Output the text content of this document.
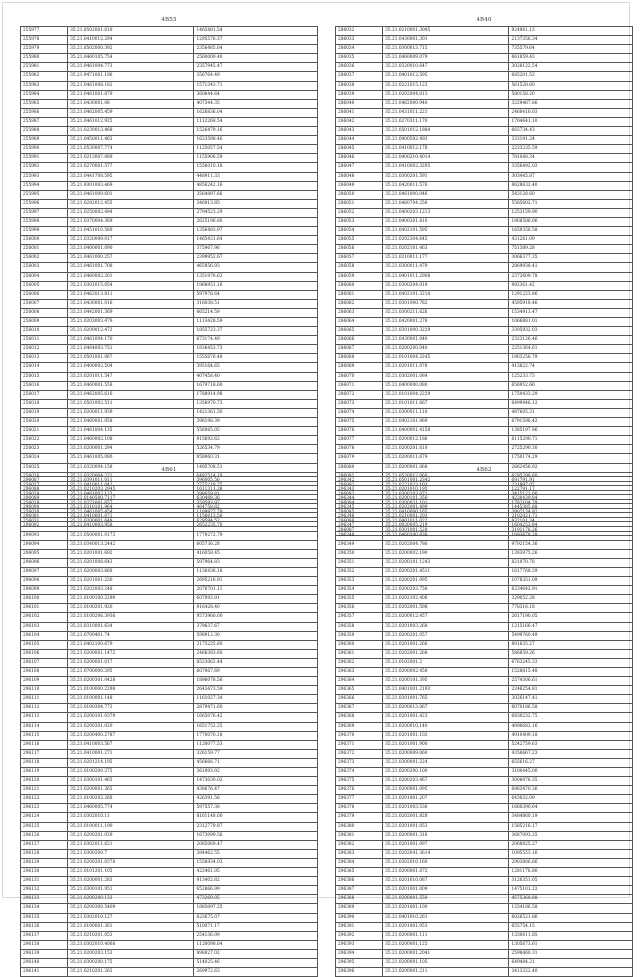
4B55
255977	35.21.8502001.619	1465481.54
255978	35.21.0410012.294	1295576.37
255979	35.21.8502000.392	2356485.64
255980	35.21.0460105.754	2560009.40
255981	35.21.9461004.773	2357945.47
255982	35.21.9471001.196	356764.49
255983	35.21.0461008.182	1571343.71
255984	35.21.0461001.879	360644.64
255985	35.21.0430001.08	407344.35
255986	35.21.0462005.459	1626836.04
255987	35.21.0461012.925	1112268.54
255988	35.21.0230013.468	1526479.16
255989	35.21.0450011.463	1623598.46
255990	35.21.0530007.774	1125057.54
255991	35.21.0213007.089	1155906.59
255992	35.21.0270001.577	1556010.18
255993	35.21.0441708.595	448911.33
255994	35.21.9301003.469	4856242.16
255995	35.21.0461009.601	3564897.66
255996	35.21.0292012.455	346913.85
255997	35.21.0250002.494	2794523.29
255998	35.21.0370004.369	2625196.80
255999	35.21.0451010.569	1356483.97
256000	35.21.0320009.017	1465431.64
256001	35.21.0400001.090	375967.96
256002	35.21.0461000.257	2399952.67
256003	35.21.0461001.708	465956.93
256004	35.21.0460002.201	1351978.63
256005	35.21.0301015.054	1966951.16
256006	35.21.0462013.811	597978.64
256007	35.21.0430001.016	316038.51
256008	35.21.0442001.369	865214.59
256009	35.21.0203003.479	1113428.59
256010	35.21.0209012.472	1855723.37
256011	35.21.0461004.170	673174.49
256012	35.21.0464003.751	1836453.73
256013	35.21.0501001.067	1555676.48
256014	35.21.0400002.504	395164.65
256015	35.21.0201011.547	407458.40
256016	35.21.0460001.558	1679718.60
256017	35.21.0462005.616	1788914.98
256018	35.21.0501002.511	1356970.73
256019	35.21.0200011.939	1421361.50
256020	35.21.0460001.058	396198.39
256021	35.21.0461004.135	556065.05
256022	35.21.0460002.108	915692.62
256023	35.21.0200001.294	526534.79
256024	35.21.0461005.080	858060.31
256025	35.21.0320004.158	1495708.51
256026	35.21.0320004.221	6492514.18
256027	35.21.0410011.042	2775218.75
256028	35.21.0461002.123	398659.81
256029	35.21.0271001.657	359593.97
256030	35.21.0461005.454	1189877.79
256031	35.21.0200001.649	629594.52
4B40
286032	35.21.0210001.3095	924961.13
286033	35.21.0430001.301	2137356.34
286034	35.21.0300013.715	735579.64
286035	35.21.0460009.079	661859.43
286036	35.21.0320010.647	3028122.54
286037	35.21.0401012.595	685201.53
286038	35.21.0221015.123	561528.60
286039	35.21.0202004.013	580158.20
286040	35.21.0462000.940	3229467.86
286041	35.21.0431011.221	2468416.03
286042	35.21.0270311.170	1704641.10
286043	35.21.0501012.1884	665734.43
286044	35.21.0400502.493	333191.24
286045	35.21.0410012.178	2233235.59
286046	35.21.0400210.4014	781048.34
286047	35.21.0410002.3295	3356492.03
286048	35.21.0300201.591	303445.87
286049	35.21.0420011.576	8628632.40
286050	35.21.0461000.046	543128.60
286051	35.21.0460704.258	5585602.71
286052	35.21.0400203.1213	1253159.90
286053	35.21.0400201.810	1968586.06
286054	35.21.0402101.595	1659358.58
286055	35.21.0202304.645	431261.09
286056	35.21.0202101.463	751389.28
286057	35.21.0210011.177	3066377.35
286058	35.21.0300011.479	2869938.41
286059	35.21.0401011.2908	2372609.78
286060	35.21.0300204.019	992361.42
286061	35.21.0402101.3218	1291223.86
286062	35.21.0301000.782	4595918.46
286063	35.21.0300211.626	1534913.47
286064	35.21.0420001.278	1066881.01
286065	35.21.0301000.3229	3395932.03
286066	35.21.0430001.040	2323126.46
286067	35.21.0200200.040	2251364.61
286068	35.21.0101004.3245	1963256.79
286069	35.21.0201011.078	413822.74
286070	35.21.0302001.084	125233.73
286071	35.21.0400000.080	656952.66
286072	35.21.0101004.2229	1750433.29
286073	35.21.0101011.667	6499446.12
286074	35.21.0300011.110	487605.31
286075	35.21.0402101.969	6791596.42
286076	35.21.0400001.4158	1385197.96
286077	35.21.0200012.186	6115290.71
286078	35.21.0200201.610	2725290.30
286079	35.21.0200011.679	1750174.29
286080	35.21.0200001.068	2662456.92
286081	35.21.0520012.060	6295298.60
286082	35.21.0221023.103	231997.07
286083	35.21.0300203.071	3415122.60
286084	35.21.0300021.101	1782104.79
286085	35.21.0410000.165	3907134.92
286086	35.21.0401011.022	832101.34
286087	35.21.0301001.529	3191176.26
4B61
296087	35.21.0391011.011	396005.56
296088	35.21.0210203.2945	1611311.38
296089	35.21.0140500.7117	630488.36
296090	35.21.0310101.964	464758.82
296091	35.21.0410001.071	1156613.56
296092	35.21.0410003.958	2652235.70
296093	35.21.0500001.0173	1779272.79
296094	35.21.0340013.2442	605736.28
296095	35.21.0201001.692	416058.45
296096	35.21.0201008.643	597964.83
296097	35.21.0200003.668	1136436.18
296098	35.21.0201001.230	2695216.91
296099	35.21.0202003.248	2076701.11
296100	35.21.0100100.2299	607093.91
296101	35.21.0100201.920	916428.40
296102	35.21.0100206.3936	9573960.00
296103	35.21.0310001.634	379637.67
296104	35.21.0700401.74	598912.30
296105	35.21.0402100.679	2175225.60
296106	35.21.0200001.1472	2466383.60
296107	35.21.0200001.017	8523062.44
296108	35.21.0700000.295	607067.69
296109	35.21.0200301.0428	1896078.56
296110	35.21.0100000.2298	2643473.59
296111	35.21.0100001.148	1161027.34
296112	35.21.0100304.773	2879471.60
296113	35.21.0200101.0379	1665076.42
296114	35.21.0200301.020	1651752.25
296115	35.21.0200400.2787	1770070.18
296116	35.21.0410003.567	1120077.53
296117	35.21.0410001.271	326159.77
296118	35.21.0201214.195	456666.71
296119	35.21.0100200.275	361093.92
296120	35.21.0300101.465	1473030.02
296121	35.21.0200001.365	438676.47
296122	35.21.0100202.268	426391.56
296123	35.21.0460005.774	597557.38
296124	35.21.0302010.11	8161148.00
296125	35.21.0100011.190	2312779.87
296126	35.21.0200201.039	1673099.56
296127	35.21.0302011.621	2085069.47
296128	35.21.0300200.7	384462.55
296129	35.21.0200201.0378	1556934.03
296130	35.21.0101201.105	422461.05
296131	35.21.0200001.283	913402.82
296132	35.21.0300101.951	652866.99
296133	35.21.0200200.133	473269.05
296134	35.21.0200300.5409	1885097.25
296135	35.21.0302010.127	623675.07
296136	35.21.0100001.361	510071.17
296137	35.21.0210201.053	254136.99
296138	35.21.0302010.4068	1120098.64
296139	35.21.0200203.153	898827.02
296140	35.21.0300200.175	514025.46
296141	35.21.0210201.263	269972.63
4B62
296342	35.21.0501001.2342	691791.91
296343	35.21.0201010.195	122791.17
296344	35.21.0200101.350	4230439.84
296345	35.21.0202001.499	1445385.88
296346	35.21.0210001.203	2102021.71
296347	35.21.0020005.219	1604253.84
296348	35.21.0460100.836	1093678.28
296349	35.21.0202004.786	9792154.36
296350	35.21.0200002.190	1383975.26
296351	35.21.0200101.1243	821070.78
296352	35.21.0200201.4511	1617768.29
296353	35.21.0200201.095	1078351.09
296354	35.21.0200203.758	6234642.91
296355	35.21.0202102.406	329052.28
296356	35.21.0202001.598	778316.18
296357	35.21.0200012.457	2617190.05
296358	35.21.0201003.268	1215166.47
296359	35.21.0200201.057	5499760.49
296360	35.21.0201001.266	891635.27
296361	35.21.0202001.268	586859.26
296362	35.21.0102001.2	6763245.33
296363	35.21.0200002.458	1528815.48
296364	35.21.0200101.395	2574306.61
296365	35.21.0401001.2193	2246254.81
296366	35.21.0301001.765	3026147.41
296367	35.21.0200013.067	6070186.58
296368	35.21.0201001.423	6830232.75
296369	35.21.0200010.140	4898683.16
296370	35.21.0201001.102	4910409.18
296371	35.21.0201001.900	5242759.63
296372	35.21.0200009.060	4358667.23
296373	35.21.0300001.224	655616.27
296374	35.21.0200200.100	3100445.00
296375	35.21.0200203.467	3008976.35
296376	35.21.0200001.095	6963470.36
296377	35.21.0201001.207	643032.09
296378	35.21.0201003.536	1660390.64
296379	35.21.0202001.828	3484860.19
296380	35.21.0201001.053	1585216.17
296381	35.21.0200001.316	3687093.25
296382	35.21.0201001.097	2068825.27
296383	35.21.0202041.3614	1095553.16
296384	35.21.0302010.160	2903886.66
296385	35.21.0200001.872	1281176.80
296386	35.21.0201010.087	3120351.05
296387	35.21.0201001.009	1475101.23
296388	35.21.0200001.550	4575368.88
296389	35.21.0201001.100	1334186.58
296390	35.21.0401010.261	6026521.86
296391	35.21.0201001.053	655754.15
296392	35.21.0200001.111	1330611.85
296393	35.21.0200001.125	1305673.61
296394	35.21.0200001.2041	2598460.31
296395	35.21.0200001.105	649484.21
296396	35.21.0200001.211	3413322.40
